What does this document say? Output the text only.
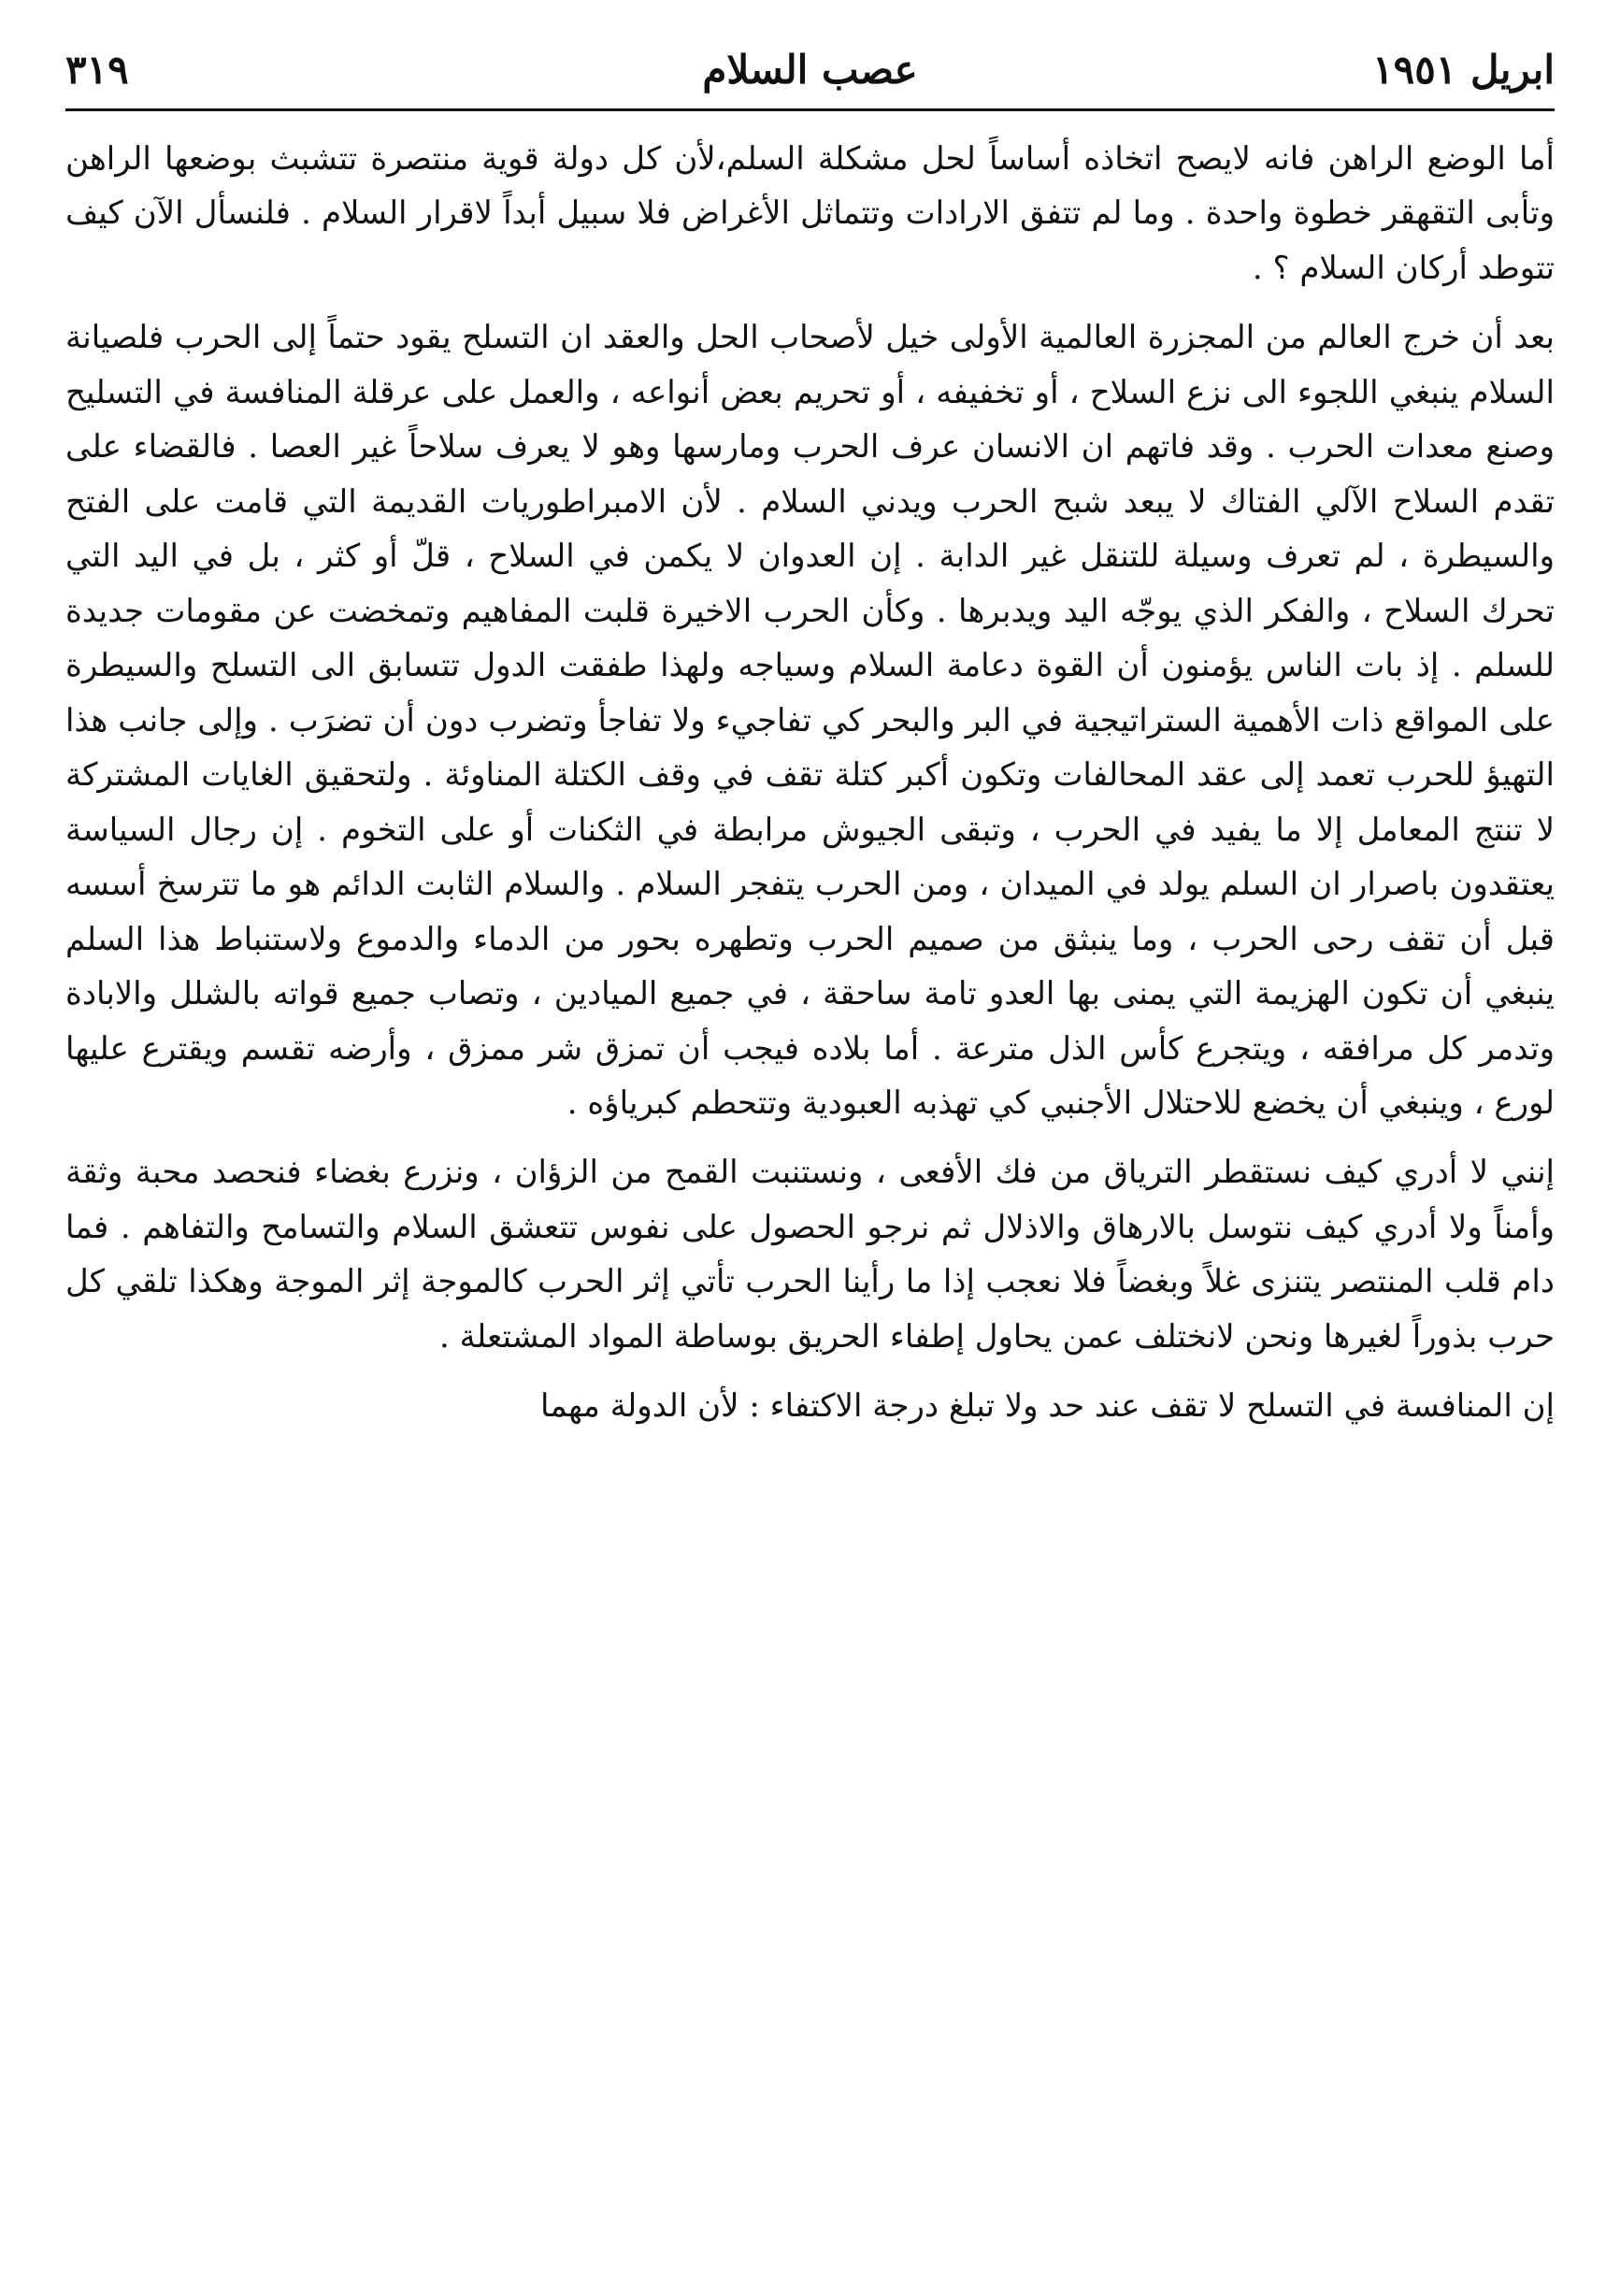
ابريل ١٩٥١
عصب السلام
٣١٩

أما الوضع الراهن فانه لايصح اتخاذه أساساً لحل مشكلة السلم،لأن كل دولة قوية منتصرة تتشبث بوضعها الراهن وتأبى التقهقر خطوة واحدة . وما لم تتفق الارادات وتتماثل الأغراض فلا سبيل أبداً لاقرار السلام . فلنسأل الآن كيف تتوطد أركان السلام ؟ .

بعد أن خرج العالم من المجزرة العالمية الأولى خيل لأصحاب الحل والعقد ان التسلح يقود حتماً إلى الحرب فلصيانة السلام ينبغي اللجوء الى نزع السلاح ، أو تخفيفه ، أو تحريم بعض أنواعه ، والعمل على عرقلة المنافسة في التسليح وصنع معدات الحرب . وقد فاتهم ان الانسان عرف الحرب ومارسها وهو لا يعرف سلاحاً غير العصا . فالقضاء على تقدم السلاح الآلي الفتاك لا يبعد شبح الحرب ويدني السلام . لأن الامبراطوريات القديمة التي قامت على الفتح والسيطرة ، لم تعرف وسيلة للتنقل غير الدابة . إن العدوان لا يكمن في السلاح ، قلّ أو كثر ، بل في اليد التي تحرك السلاح ، والفكر الذي يوجّه اليد ويدبرها . وكأن الحرب الاخيرة قلبت المفاهيم وتمخضت عن مقومات جديدة للسلم . إذ بات الناس يؤمنون أن القوة دعامة السلام وسياجه ولهذا طفقت الدول تتسابق الى التسلح والسيطرة على المواقع ذات الأهمية الستراتيجية في البر والبحر كي تفاجيء ولا تفاجأ وتضرب دون أن تضرَب . وإلى جانب هذا التهيؤ للحرب تعمد إلى عقد المحالفات وتكون أكبر كتلة تقف في وقف الكتلة المناوئة . ولتحقيق الغايات المشتركة لا تنتج المعامل إلا ما يفيد في الحرب ، وتبقى الجيوش مرابطة في الثكنات أو على التخوم . إن رجال السياسة يعتقدون باصرار ان السلم يولد في الميدان ، ومن الحرب يتفجر السلام . والسلام الثابت الدائم هو ما تترسخ أسسه قبل أن تقف رحى الحرب ، وما ينبثق من صميم الحرب وتطهره بحور من الدماء والدموع ولاستنباط هذا السلم ينبغي أن تكون الهزيمة التي يمنى بها العدو تامة ساحقة ، في جميع الميادين ، وتصاب جميع قواته بالشلل والابادة وتدمر كل مرافقه ، ويتجرع كأس الذل مترعة . أما بلاده فيجب أن تمزق شر ممزق ، وأرضه تقسم ويقترع عليها لورع ، وينبغي أن يخضع للاحتلال الأجنبي كي تهذبه العبودية وتتحطم كبرياؤه .

إنني لا أدري كيف نستقطر الترياق من فك الأفعى ، ونستنبت القمح من الزؤان ، ونزرع بغضاء فنحصد محبة وثقة وأمناً ولا أدري كيف نتوسل بالارهاق والاذلال ثم نرجو الحصول على نفوس تتعشق السلام والتسامح والتفاهم . فما دام قلب المنتصر يتنزى غلاً وبغضاً فلا نعجب إذا ما رأينا الحرب تأتي إثر الحرب كالموجة إثر الموجة وهكذا تلقي كل حرب بذوراً لغيرها ونحن لانختلف عمن يحاول إطفاء الحريق بوساطة المواد المشتعلة .

إن المنافسة في التسلح لا تقف عند حد ولا تبلغ درجة الاكتفاء : لأن الدولة مهما
